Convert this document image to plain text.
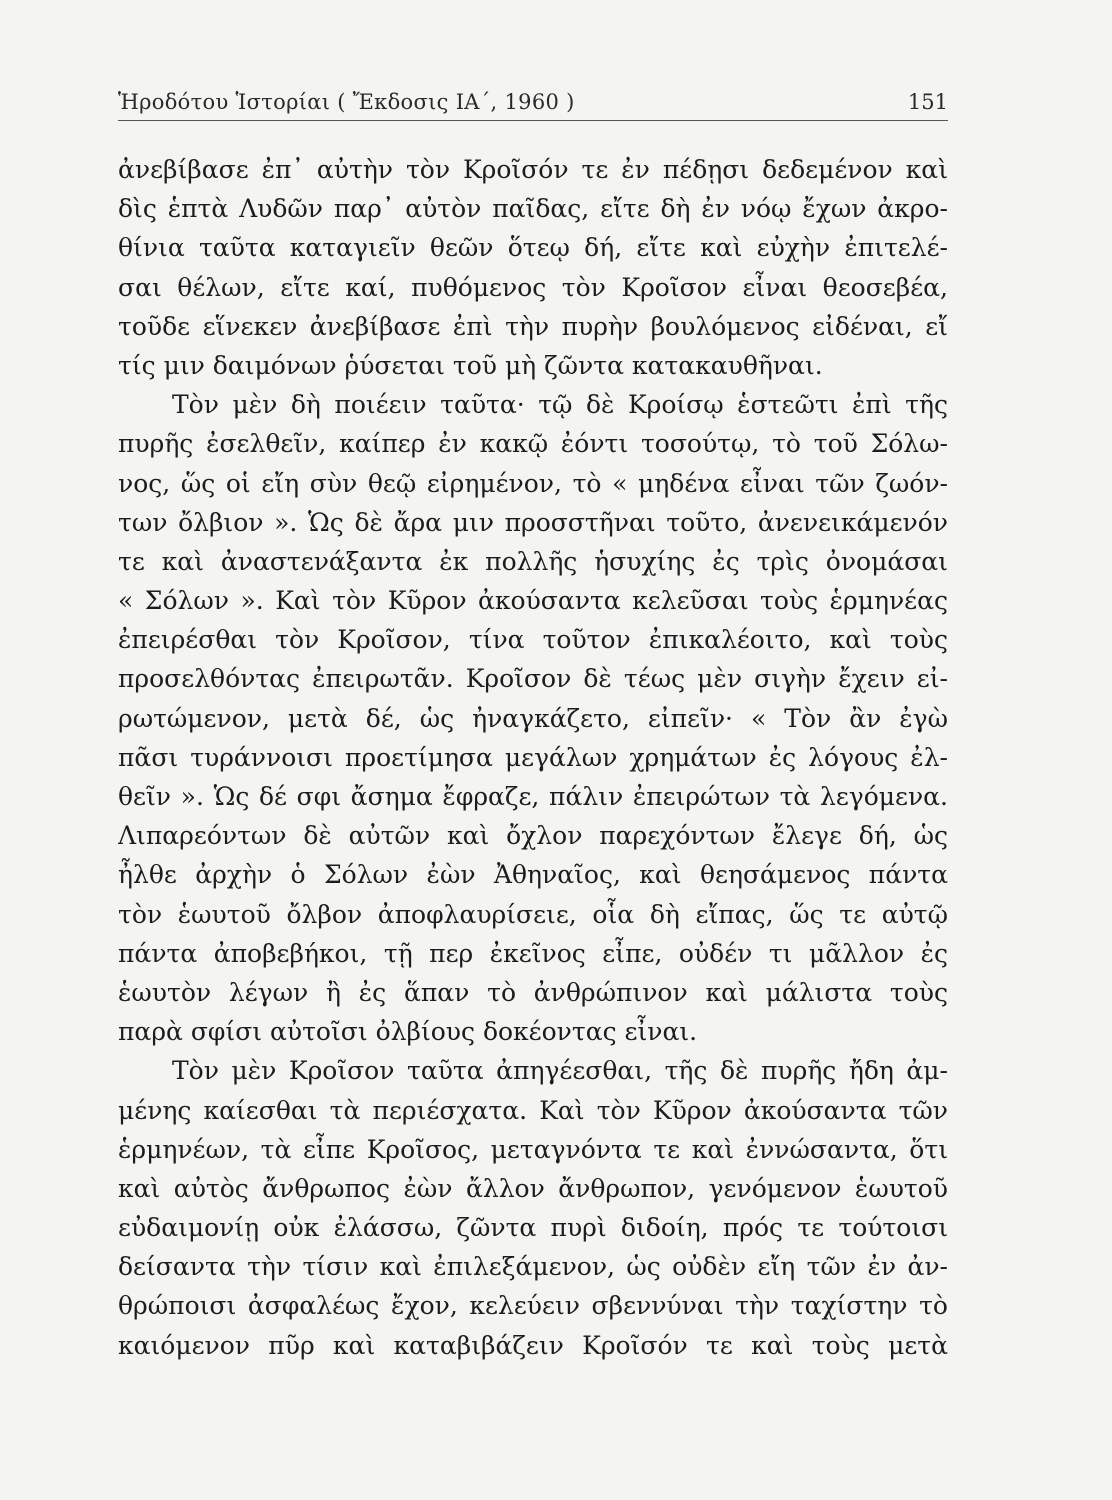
Ἡροδότου Ἱστορίαι ( Ἔκδοσις ΙΑ΄, 1960 )	151
ἀνεβίβασε ἐπ᾽ αὐτὴν τὸν Κροῖσόν τε ἐν πέδῃσι δεδεμένον καὶ
δὶς ἑπτὰ Λυδῶν παρ᾽ αὐτὸν παῖδας, εἴτε δὴ ἐν νόῳ ἔχων ἀκρο-
θίνια ταῦτα καταγιεῖν θεῶν ὅτεῳ δή, εἴτε καὶ εὐχὴν ἐπιτελέ-
σαι θέλων, εἴτε καί, πυθόμενος τὸν Κροῖσον εἶναι θεοσεβέα,
τοῦδε εἵνεκεν ἀνεβίβασε ἐπὶ τὴν πυρὴν βουλόμενος εἰδέναι, εἴ
τίς μιν δαιμόνων ῥύσεται τοῦ μὴ ζῶντα κατακαυθῆναι.
Τὸν μὲν δὴ ποιέειν ταῦτα· τῷ δὲ Κροίσῳ ἑστεῶτι ἐπὶ τῆς
πυρῆς ἐσελθεῖν, καίπερ ἐν κακῷ ἐόντι τοσούτῳ, τὸ τοῦ Σόλω-
νος, ὥς οἱ εἴη σὺν θεῷ εἰρημένον, τὸ « μηδένα εἶναι τῶν ζωόν-
των ὄλβιον ». Ὡς δὲ ἄρα μιν προσστῆναι τοῦτο, ἀνενεικάμενόν
τε καὶ ἀναστενάξαντα ἐκ πολλῆς ἡσυχίης ἐς τρὶς ὀνομάσαι
« Σόλων ». Καὶ τὸν Κῦρον ἀκούσαντα κελεῦσαι τοὺς ἑρμηνέας
ἐπειρέσθαι τὸν Κροῖσον, τίνα τοῦτον ἐπικαλέοιτο, καὶ τοὺς
προσελθόντας ἐπειρωτᾶν. Κροῖσον δὲ τέως μὲν σιγὴν ἔχειν εἰ-
ρωτώμενον, μετὰ δέ, ὡς ἠναγκάζετο, εἰπεῖν· « Τὸν ἂν ἐγὼ
πᾶσι τυράννοισι προετίμησα μεγάλων χρημάτων ἐς λόγους ἐλ-
θεῖν ». Ὡς δέ σφι ἄσημα ἔφραζε, πάλιν ἐπειρώτων τὰ λεγόμενα.
Λιπαρεόντων δὲ αὐτῶν καὶ ὄχλον παρεχόντων ἔλεγε δή, ὡς
ἦλθε ἀρχὴν ὁ Σόλων ἐὼν Ἀθηναῖος, καὶ θεησάμενος πάντα
τὸν ἑωυτοῦ ὄλβον ἀποφλαυρίσειε, οἷα δὴ εἴπας, ὥς τε αὐτῷ
πάντα ἀποβεβήκοι, τῇ περ ἐκεῖνος εἶπε, οὐδέν τι μᾶλλον ἐς
ἑωυτὸν λέγων ἢ ἐς ἅπαν τὸ ἀνθρώπινον καὶ μάλιστα τοὺς
παρὰ σφίσι αὐτοῖσι ὀλβίους δοκέοντας εἶναι.
Τὸν μὲν Κροῖσον ταῦτα ἀπηγέεσθαι, τῆς δὲ πυρῆς ἤδη ἀμ-
μένης καίεσθαι τὰ περιέσχατα. Καὶ τὸν Κῦρον ἀκούσαντα τῶν
ἑρμηνέων, τὰ εἶπε Κροῖσος, μεταγνόντα τε καὶ ἐννώσαντα, ὅτι
καὶ αὐτὸς ἄνθρωπος ἐὼν ἄλλον ἄνθρωπον, γενόμενον ἑωυτοῦ
εὐδαιμονίῃ οὐκ ἐλάσσω, ζῶντα πυρὶ διδοίη, πρός τε τούτοισι
δείσαντα τὴν τίσιν καὶ ἐπιλεξάμενον, ὡς οὐδὲν εἴη τῶν ἐν ἀν-
θρώποισι ἀσφαλέως ἔχον, κελεύειν σβεννύναι τὴν ταχίστην τὸ
καιόμενον πῦρ καὶ καταβιβάζειν Κροῖσόν τε καὶ τοὺς μετὰ
